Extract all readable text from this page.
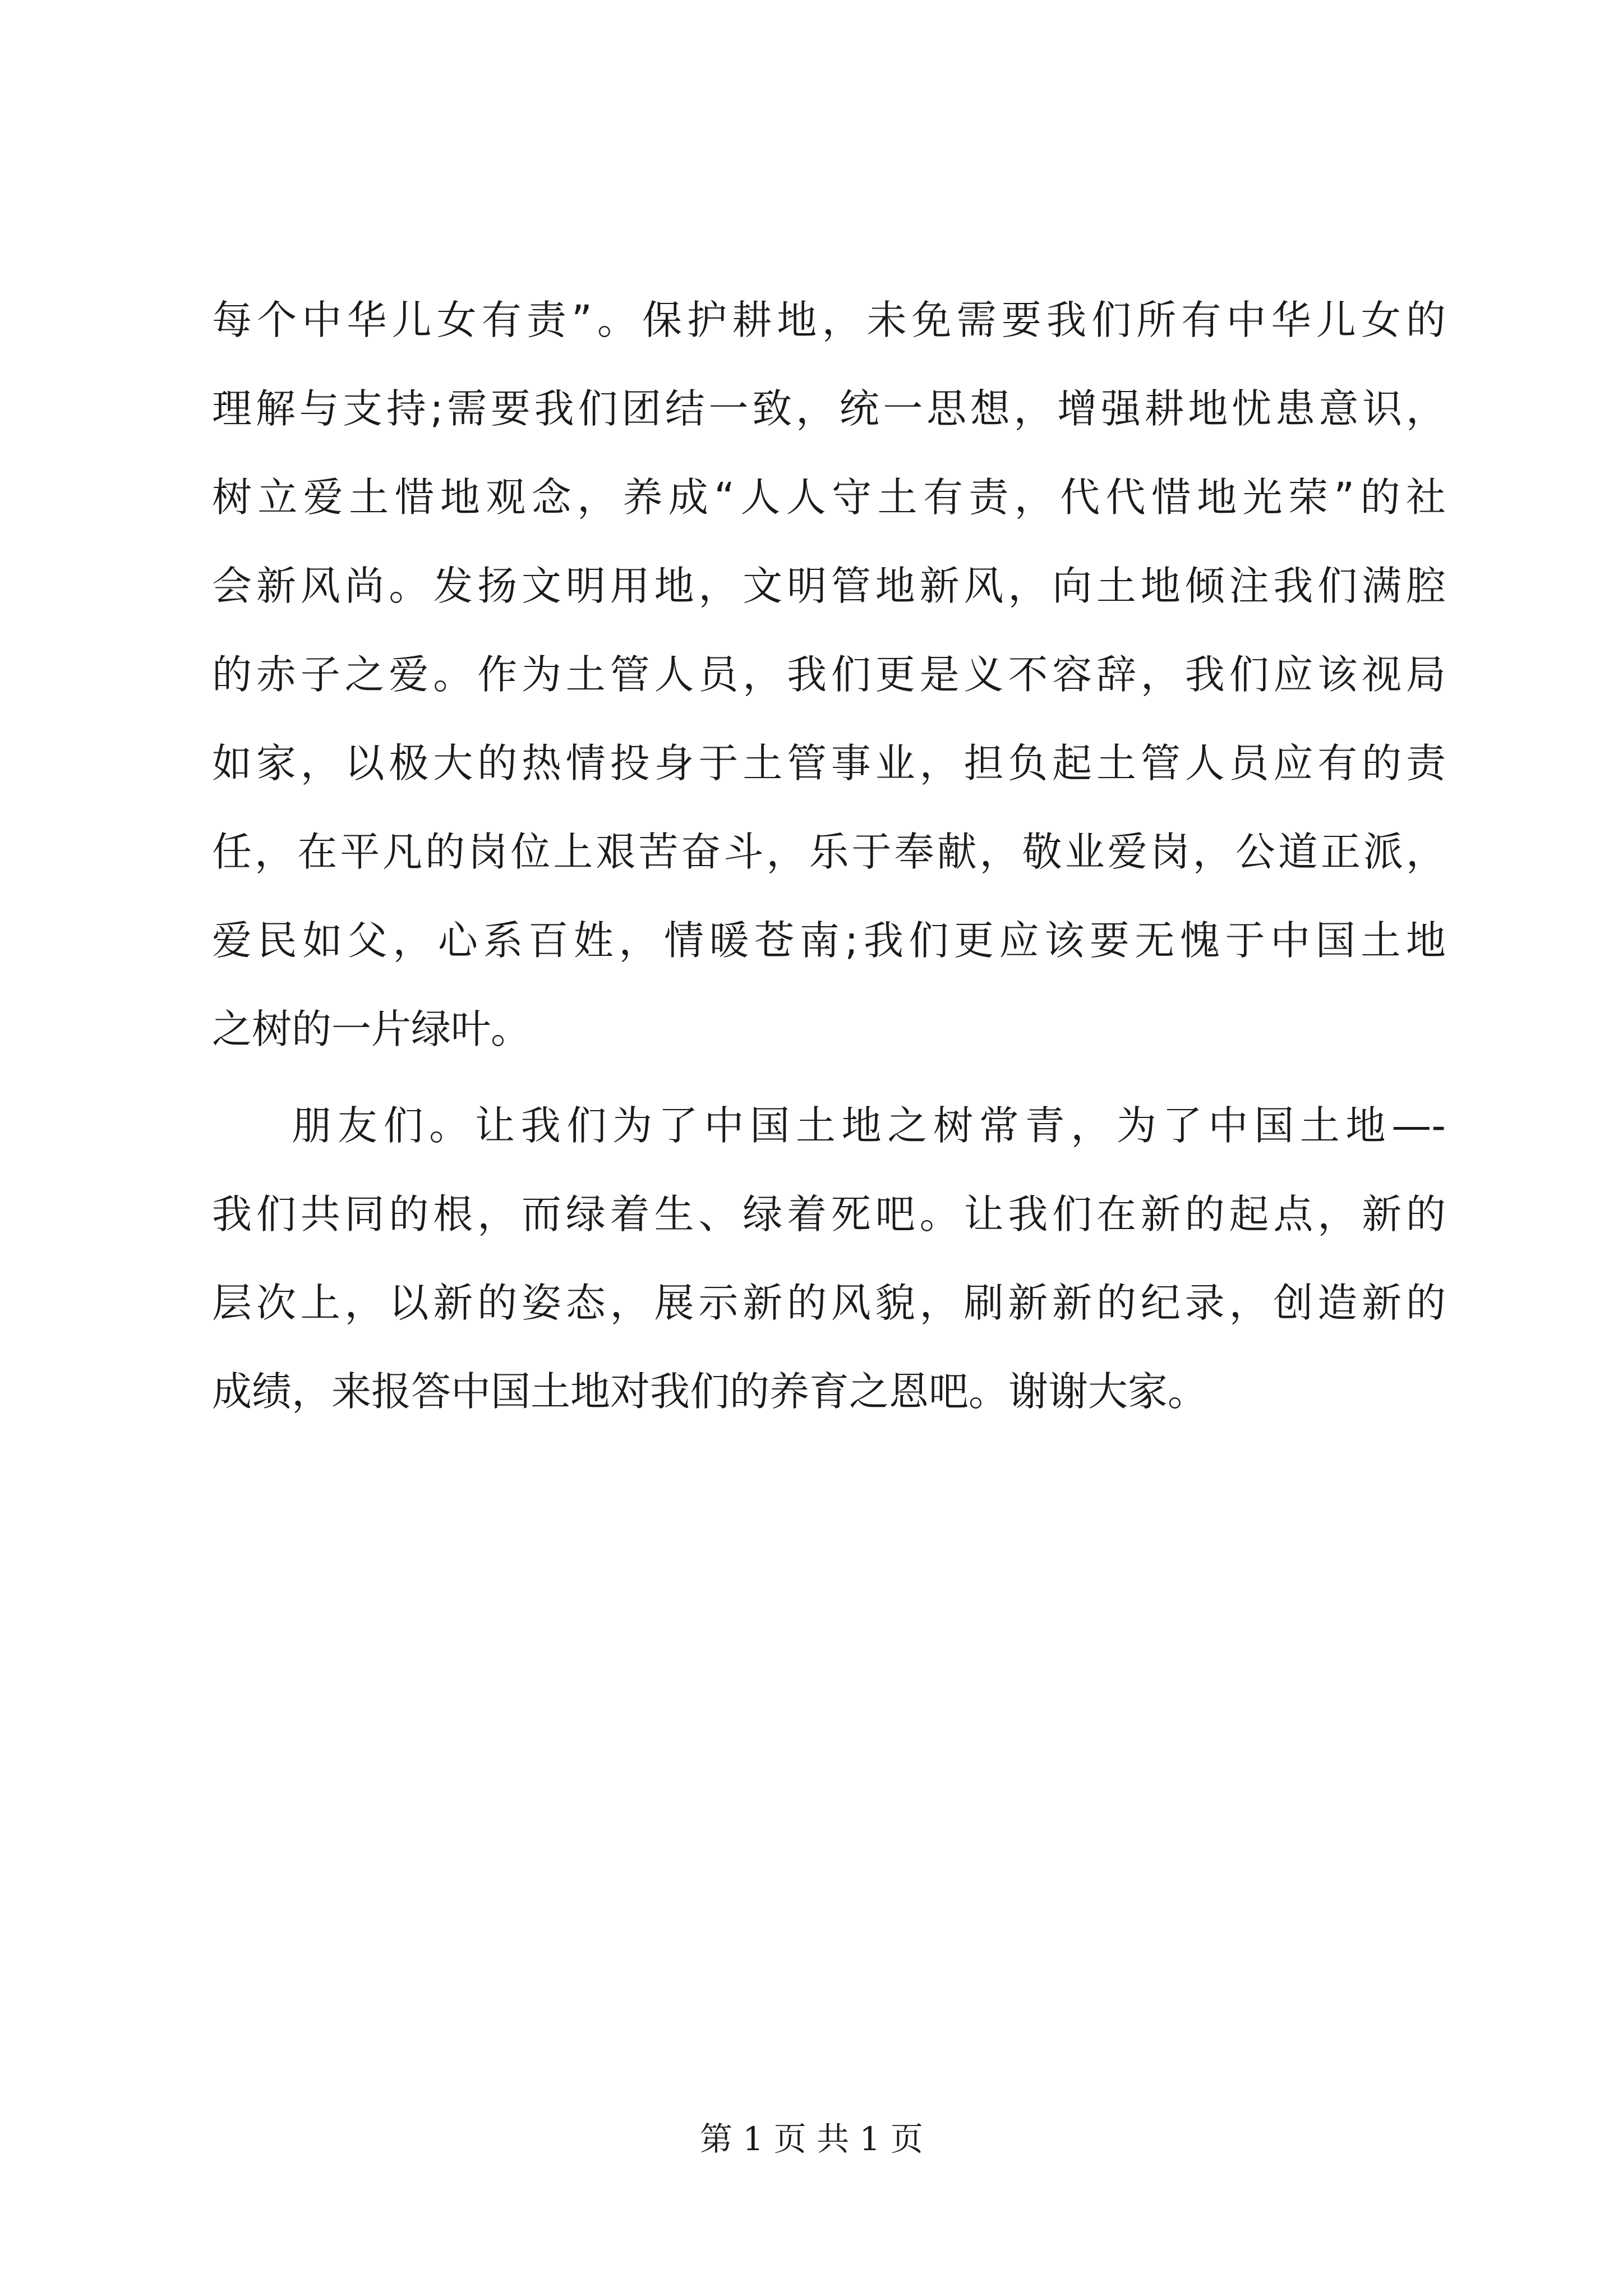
每个中华儿女有责”。保护耕地，未免需要我们所有中华儿女的
理解与支持;需要我们团结一致，统一思想，增强耕地忧患意识，
树立爱土惜地观念，养成“人人守土有责，代代惜地光荣”的社
会新风尚。发扬文明用地，文明管地新风，向土地倾注我们满腔
的赤子之爱。作为土管人员，我们更是义不容辞，我们应该视局
如家，以极大的热情投身于土管事业，担负起土管人员应有的责
任，在平凡的岗位上艰苦奋斗，乐于奉献，敬业爱岗，公道正派，
爱民如父，心系百姓，情暖苍南;我们更应该要无愧于中国土地
之树的一片绿叶。
朋友们。让我们为了中国土地之树常青，为了中国土地—-
我们共同的根，而绿着生、绿着死吧。让我们在新的起点，新的
层次上，以新的姿态，展示新的风貌，刷新新的纪录，创造新的
成绩，来报答中国土地对我们的养育之恩吧。谢谢大家。
第 1 页 共 1 页
